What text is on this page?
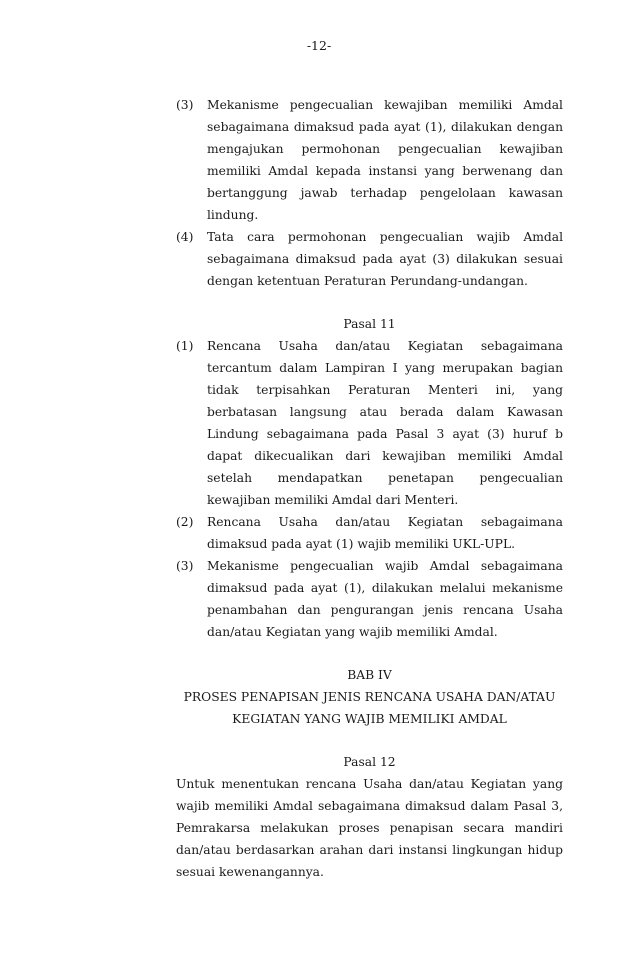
-12-
(3) Mekanisme pengecualian kewajiban memiliki Amdal sebagaimana dimaksud pada ayat (1), dilakukan dengan mengajukan permohonan pengecualian kewajiban memiliki Amdal kepada instansi yang berwenang dan bertanggung jawab terhadap pengelolaan kawasan lindung.
(4) Tata cara permohonan pengecualian wajib Amdal sebagaimana dimaksud pada ayat (3) dilakukan sesuai dengan ketentuan Peraturan Perundang-undangan.
Pasal 11
(1) Rencana Usaha dan/atau Kegiatan sebagaimana tercantum dalam Lampiran I yang merupakan bagian tidak terpisahkan Peraturan Menteri ini, yang berbatasan langsung atau berada dalam Kawasan Lindung sebagaimana pada Pasal 3 ayat (3) huruf b dapat dikecualikan dari kewajiban memiliki Amdal setelah mendapatkan penetapan pengecualian kewajiban memiliki Amdal dari Menteri.
(2) Rencana Usaha dan/atau Kegiatan sebagaimana dimaksud pada ayat (1) wajib memiliki UKL-UPL.
(3) Mekanisme pengecualian wajib Amdal sebagaimana dimaksud pada ayat (1), dilakukan melalui mekanisme penambahan dan pengurangan jenis rencana Usaha dan/atau Kegiatan yang wajib memiliki Amdal.
BAB IV
PROSES PENAPISAN JENIS RENCANA USAHA DAN/ATAU
KEGIATAN YANG WAJIB MEMILIKI AMDAL
Pasal 12
Untuk menentukan rencana Usaha dan/atau Kegiatan yang wajib memiliki Amdal sebagaimana dimaksud dalam Pasal 3, Pemrakarsa melakukan proses penapisan secara mandiri dan/atau berdasarkan arahan dari instansi lingkungan hidup sesuai kewenangannya.
